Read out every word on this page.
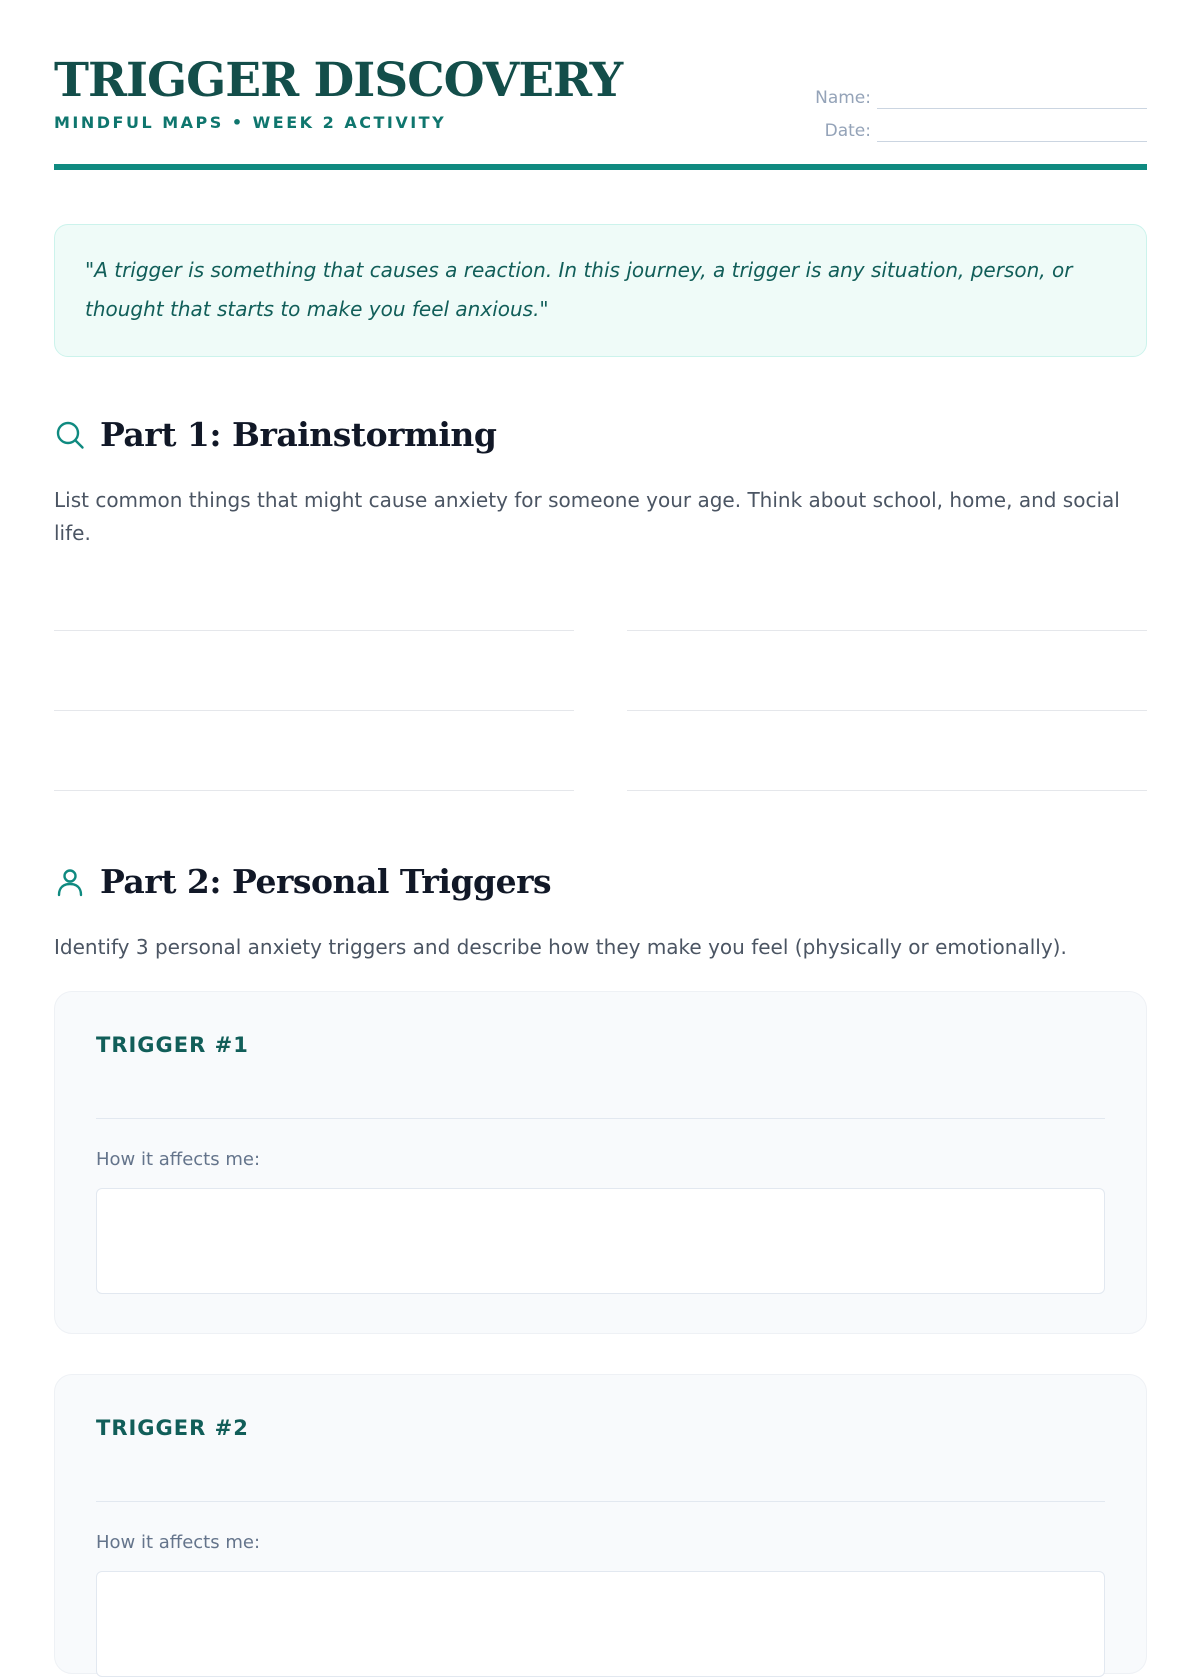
TRIGGER DISCOVERY
MINDFUL MAPS • WEEK 2 ACTIVITY
Name:
Date:

"A trigger is something that causes a reaction. In this journey, a trigger is any situation, person, or thought that starts to make you feel anxious."

Part 1: Brainstorming

List common things that might cause anxiety for someone your age. Think about school, home, and social life.

Part 2: Personal Triggers

Identify 3 personal anxiety triggers and describe how they make you feel (physically or emotionally).

TRIGGER #1
How it affects me:
TRIGGER #2
How it affects me:
